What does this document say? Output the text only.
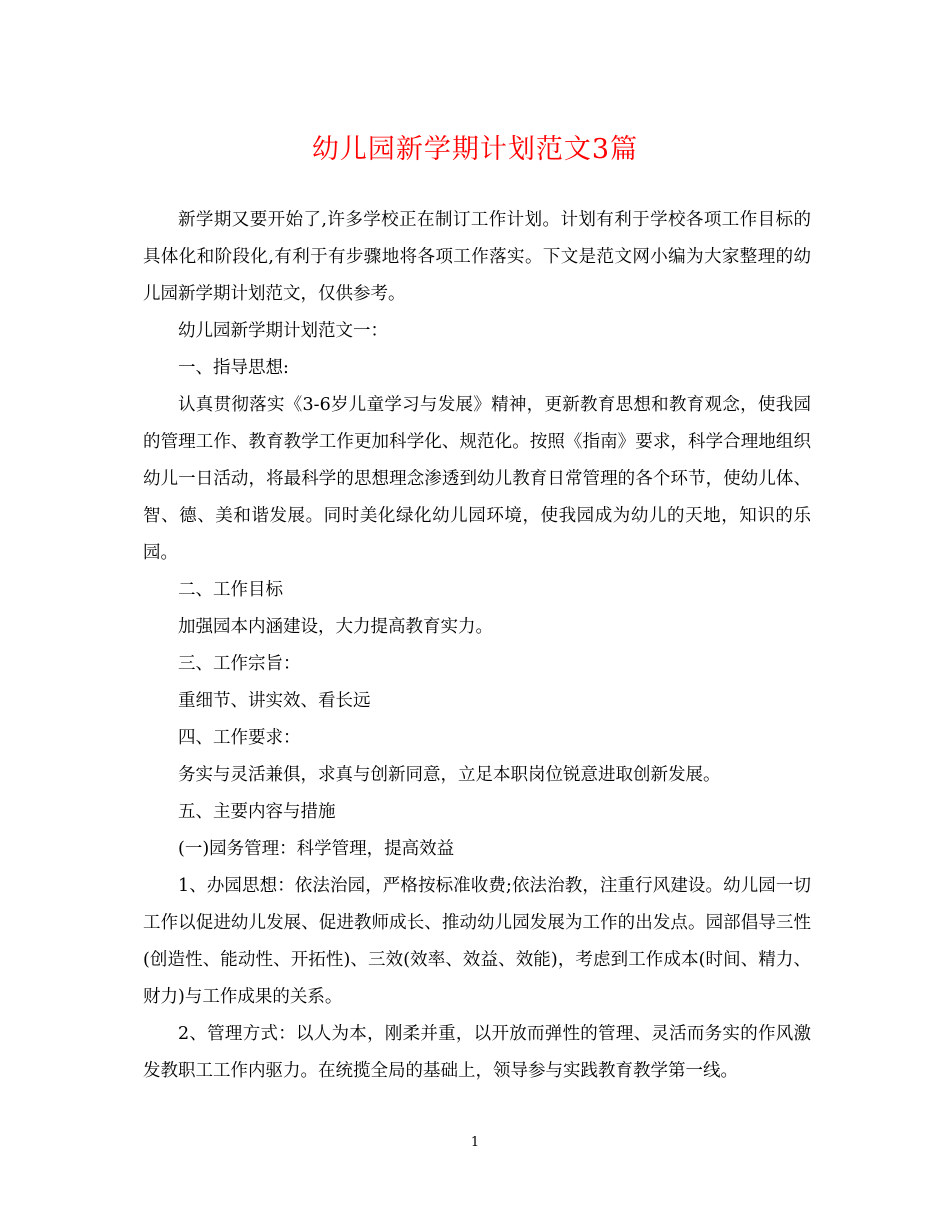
幼儿园新学期计划范文3篇

新学期又要开始了,许多学校正在制订工作计划。计划有利于学校各项工作目标的具体化和阶段化,有利于有步骤地将各项工作落实。下文是范文网小编为大家整理的幼儿园新学期计划范文，仅供参考。

幼儿园新学期计划范文一：

一、指导思想:

认真贯彻落实《3-6岁儿童学习与发展》精神，更新教育思想和教育观念，使我园的管理工作、教育教学工作更加科学化、规范化。按照《指南》要求，科学合理地组织幼儿一日活动，将最科学的思想理念渗透到幼儿教育日常管理的各个环节，使幼儿体、智、德、美和谐发展。同时美化绿化幼儿园环境，使我园成为幼儿的天地，知识的乐园。

二、工作目标

加强园本内涵建设，大力提高教育实力。

三、工作宗旨：

重细节、讲实效、看长远

四、工作要求：

务实与灵活兼俱，求真与创新同意，立足本职岗位锐意进取创新发展。

五、主要内容与措施

(一)园务管理：科学管理，提高效益

1、办园思想：依法治园，严格按标准收费;依法治教，注重行风建设。幼儿园一切工作以促进幼儿发展、促进教师成长、推动幼儿园发展为工作的出发点。园部倡导三性(创造性、能动性、开拓性)、三效(效率、效益、效能)，考虑到工作成本(时间、精力、财力)与工作成果的关系。

2、管理方式：以人为本，刚柔并重，以开放而弹性的管理、灵活而务实的作风激发教职工工作内驱力。在统揽全局的基础上，领导参与实践教育教学第一线。

1
